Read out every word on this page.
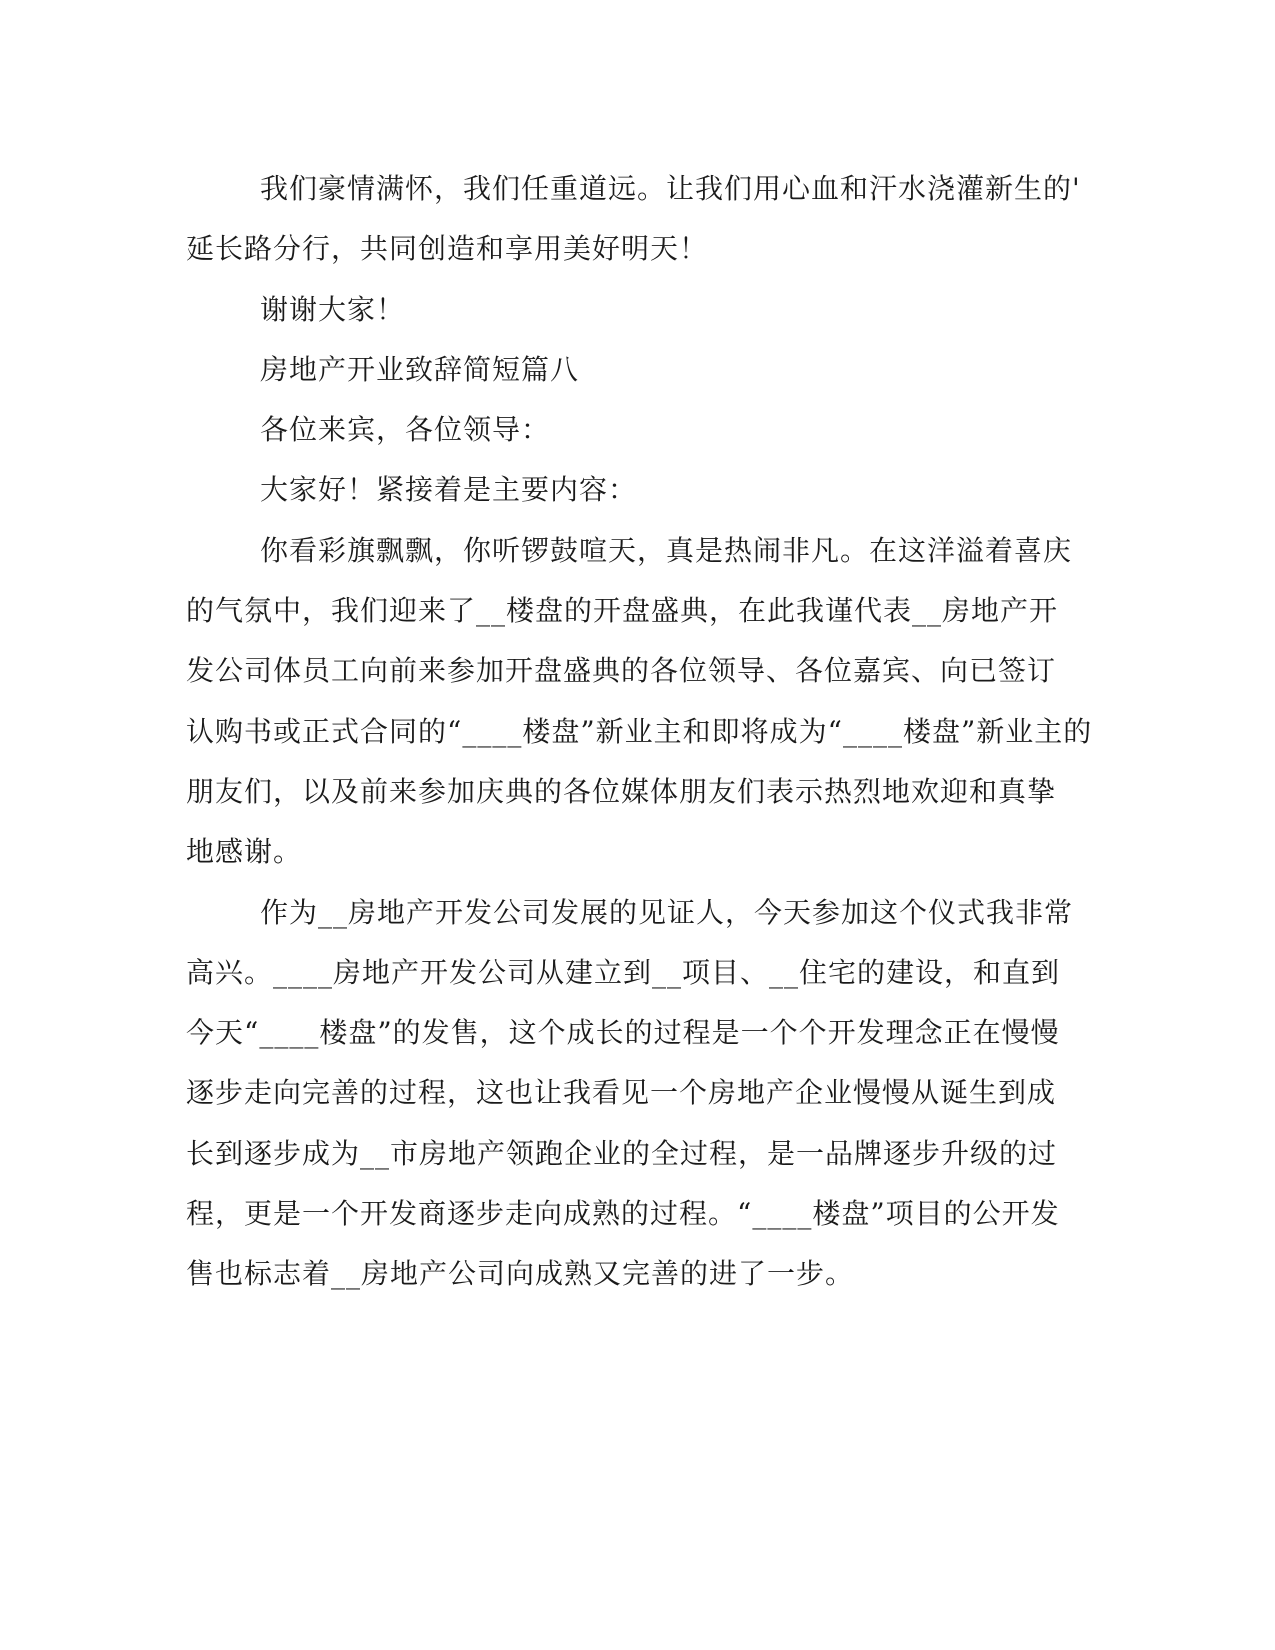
我们豪情满怀，我们任重道远。让我们用心血和汗水浇灌新生的'
延长路分行，共同创造和享用美好明天！
谢谢大家！
房地产开业致辞简短篇八
各位来宾，各位领导：
大家好！紧接着是主要内容：
你看彩旗飘飘，你听锣鼓喧天，真是热闹非凡。在这洋溢着喜庆
的气氛中，我们迎来了__楼盘的开盘盛典，在此我谨代表__房地产开
发公司体员工向前来参加开盘盛典的各位领导、各位嘉宾、向已签订
认购书或正式合同的“____楼盘”新业主和即将成为“____楼盘”新业主的
朋友们，以及前来参加庆典的各位媒体朋友们表示热烈地欢迎和真挚
地感谢。
作为__房地产开发公司发展的见证人，今天参加这个仪式我非常
高兴。____房地产开发公司从建立到__项目、__住宅的建设，和直到
今天“____楼盘”的发售，这个成长的过程是一个个开发理念正在慢慢
逐步走向完善的过程，这也让我看见一个房地产企业慢慢从诞生到成
长到逐步成为__市房地产领跑企业的全过程，是一品牌逐步升级的过
程，更是一个开发商逐步走向成熟的过程。“____楼盘”项目的公开发
售也标志着__房地产公司向成熟又完善的进了一步。
